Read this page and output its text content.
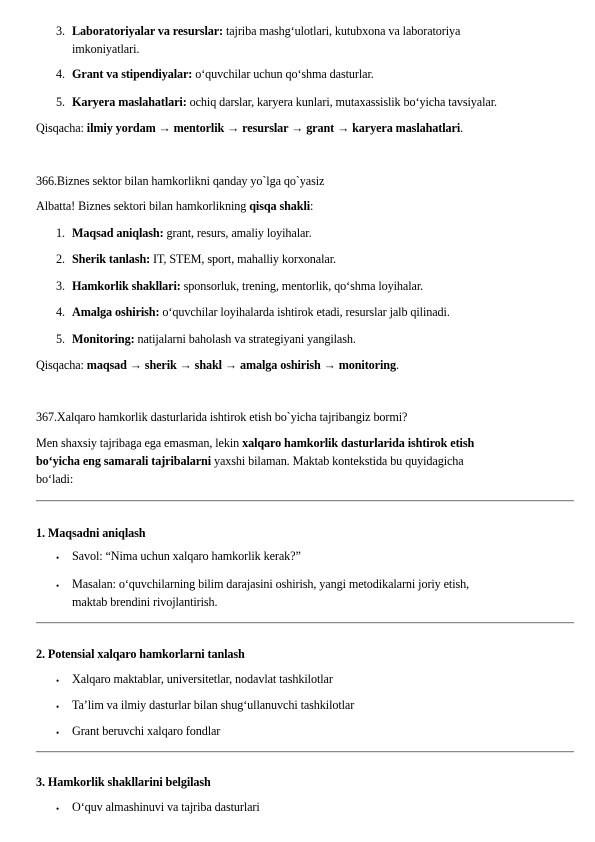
3. Laboratoriyalar va resurslar: tajriba mashg‘ulotlari, kutubxona va laboratoriya
imkoniyatlari.
4. Grant va stipendiyalar: o‘quvchilar uchun qo‘shma dasturlar.
5. Karyera maslahatlari: ochiq darslar, karyera kunlari, mutaxassislik bo‘yicha tavsiyalar.
Qisqacha: ilmiy yordam → mentorlik → resurslar → grant → karyera maslahatlari.
366.Biznes sektor bilan hamkorlikni qanday yo`lga qo`yasiz
Albatta! Biznes sektori bilan hamkorlikning qisqa shakli:
1. Maqsad aniqlash: grant, resurs, amaliy loyihalar.
2. Sherik tanlash: IT, STEM, sport, mahalliy korxonalar.
3. Hamkorlik shakllari: sponsorluk, trening, mentorlik, qo‘shma loyihalar.
4. Amalga oshirish: o‘quvchilar loyihalarda ishtirok etadi, resurslar jalb qilinadi.
5. Monitoring: natijalarni baholash va strategiyani yangilash.
Qisqacha: maqsad → sherik → shakl → amalga oshirish → monitoring.
367.Xalqaro hamkorlik dasturlarida ishtirok etish bo`yicha tajribangiz bormi?
Men shaxsiy tajribaga ega emasman, lekin xalqaro hamkorlik dasturlarida ishtirok etish
bo‘yicha eng samarali tajribalarni yaxshi bilaman. Maktab kontekstida bu quyidagicha
bo‘ladi:
1. Maqsadni aniqlash
• Savol: “Nima uchun xalqaro hamkorlik kerak?”
• Masalan: o‘quvchilarning bilim darajasini oshirish, yangi metodikalarni joriy etish,
maktab brendini rivojlantirish.
2. Potensial xalqaro hamkorlarni tanlash
• Xalqaro maktablar, universitetlar, nodavlat tashkilotlar
• Ta’lim va ilmiy dasturlar bilan shug‘ullanuvchi tashkilotlar
• Grant beruvchi xalqaro fondlar
3. Hamkorlik shakllarini belgilash
• O‘quv almashinuvi va tajriba dasturlari
